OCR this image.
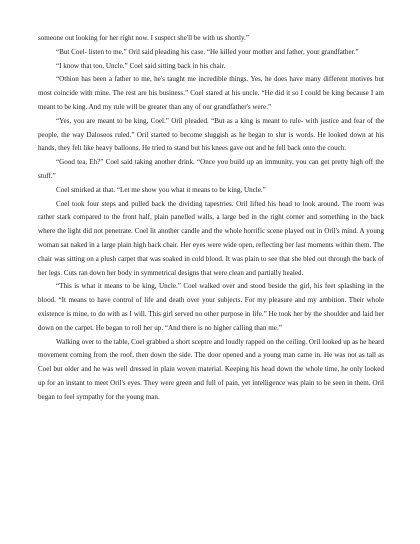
someone out looking for her right now. I suspect she'll be with us shortly.”

“But Coel- listen to me,” Oril said pleading his case. “He killed your mother and father, your grandfather.”

“I know that too, Uncle.” Coel said sitting back in his chair.

“Othion has been a father to me, he's taught me incredible things. Yes, he does have many different motives but most coincide with mine. The rest are his business.” Coel stared at his uncle. “He did it so I could be king because I am meant to be king. And my rule will be greater than any of our grandfather's were.”

“Yes, you are meant to be king, Coel.” Oril pleaded. “But as a king is meant to rule- with justice and fear of the people, the way Daloseos ruled.” Oril started to become sluggish as he began to slur is words. He looked down at his hands, they felt like heavy balloons. He tried to stand but his knees gave out and he fell back onto the couch.

“Good tea, Eh?” Coel said taking another drink. “Once you build up an immunity, you can get pretty high off the stuff.”

Coel smirked at that. “Let me show you what it means to be king, Uncle.”

Coel took four steps and pulled back the dividing tapestries. Oril lifted his head to look around. The room was rather stark compared to the front half, plain panelled walls, a large bed in the right corner and something in the back where the light did not penetrate. Coel lit another candle and the whole horrific scene played out in Oril's mind. A young woman sat naked in a large plain high back chair. Her eyes were wide open, reflecting her last moments within them. The chair was sitting on a plush carpet that was soaked in cold blood. It was plain to see that she bled out through the back of her legs. Cuts ran down her body in symmetrical designs that were clean and partially healed.

“This is what it means to be king, Uncle.” Coel walked over and stood beside the girl, his feet splashing in the blood. “It means to have control of life and death over your subjects. For my pleasure and my ambition. Their whole existence is mine, to do with as I will. This girl served no other purpose in life.” He took her by the shoulder and laid her down on the carpet. He began to roll her up. “And there is no higher calling than me.”

Walking over to the table, Coel grabbed a short sceptre and loudly rapped on the ceiling. Oril looked up as he heard movement coming from the roof, then down the side. The door opened and a young man came in. He was not as tall as Coel but older and he was well dressed in plain woven material. Keeping his head down the whole time, he only looked up for an instant to meet Oril's eyes. They were green and full of pain, yet intelligence was plain to be seen in them. Oril began to feel sympathy for the young man.
